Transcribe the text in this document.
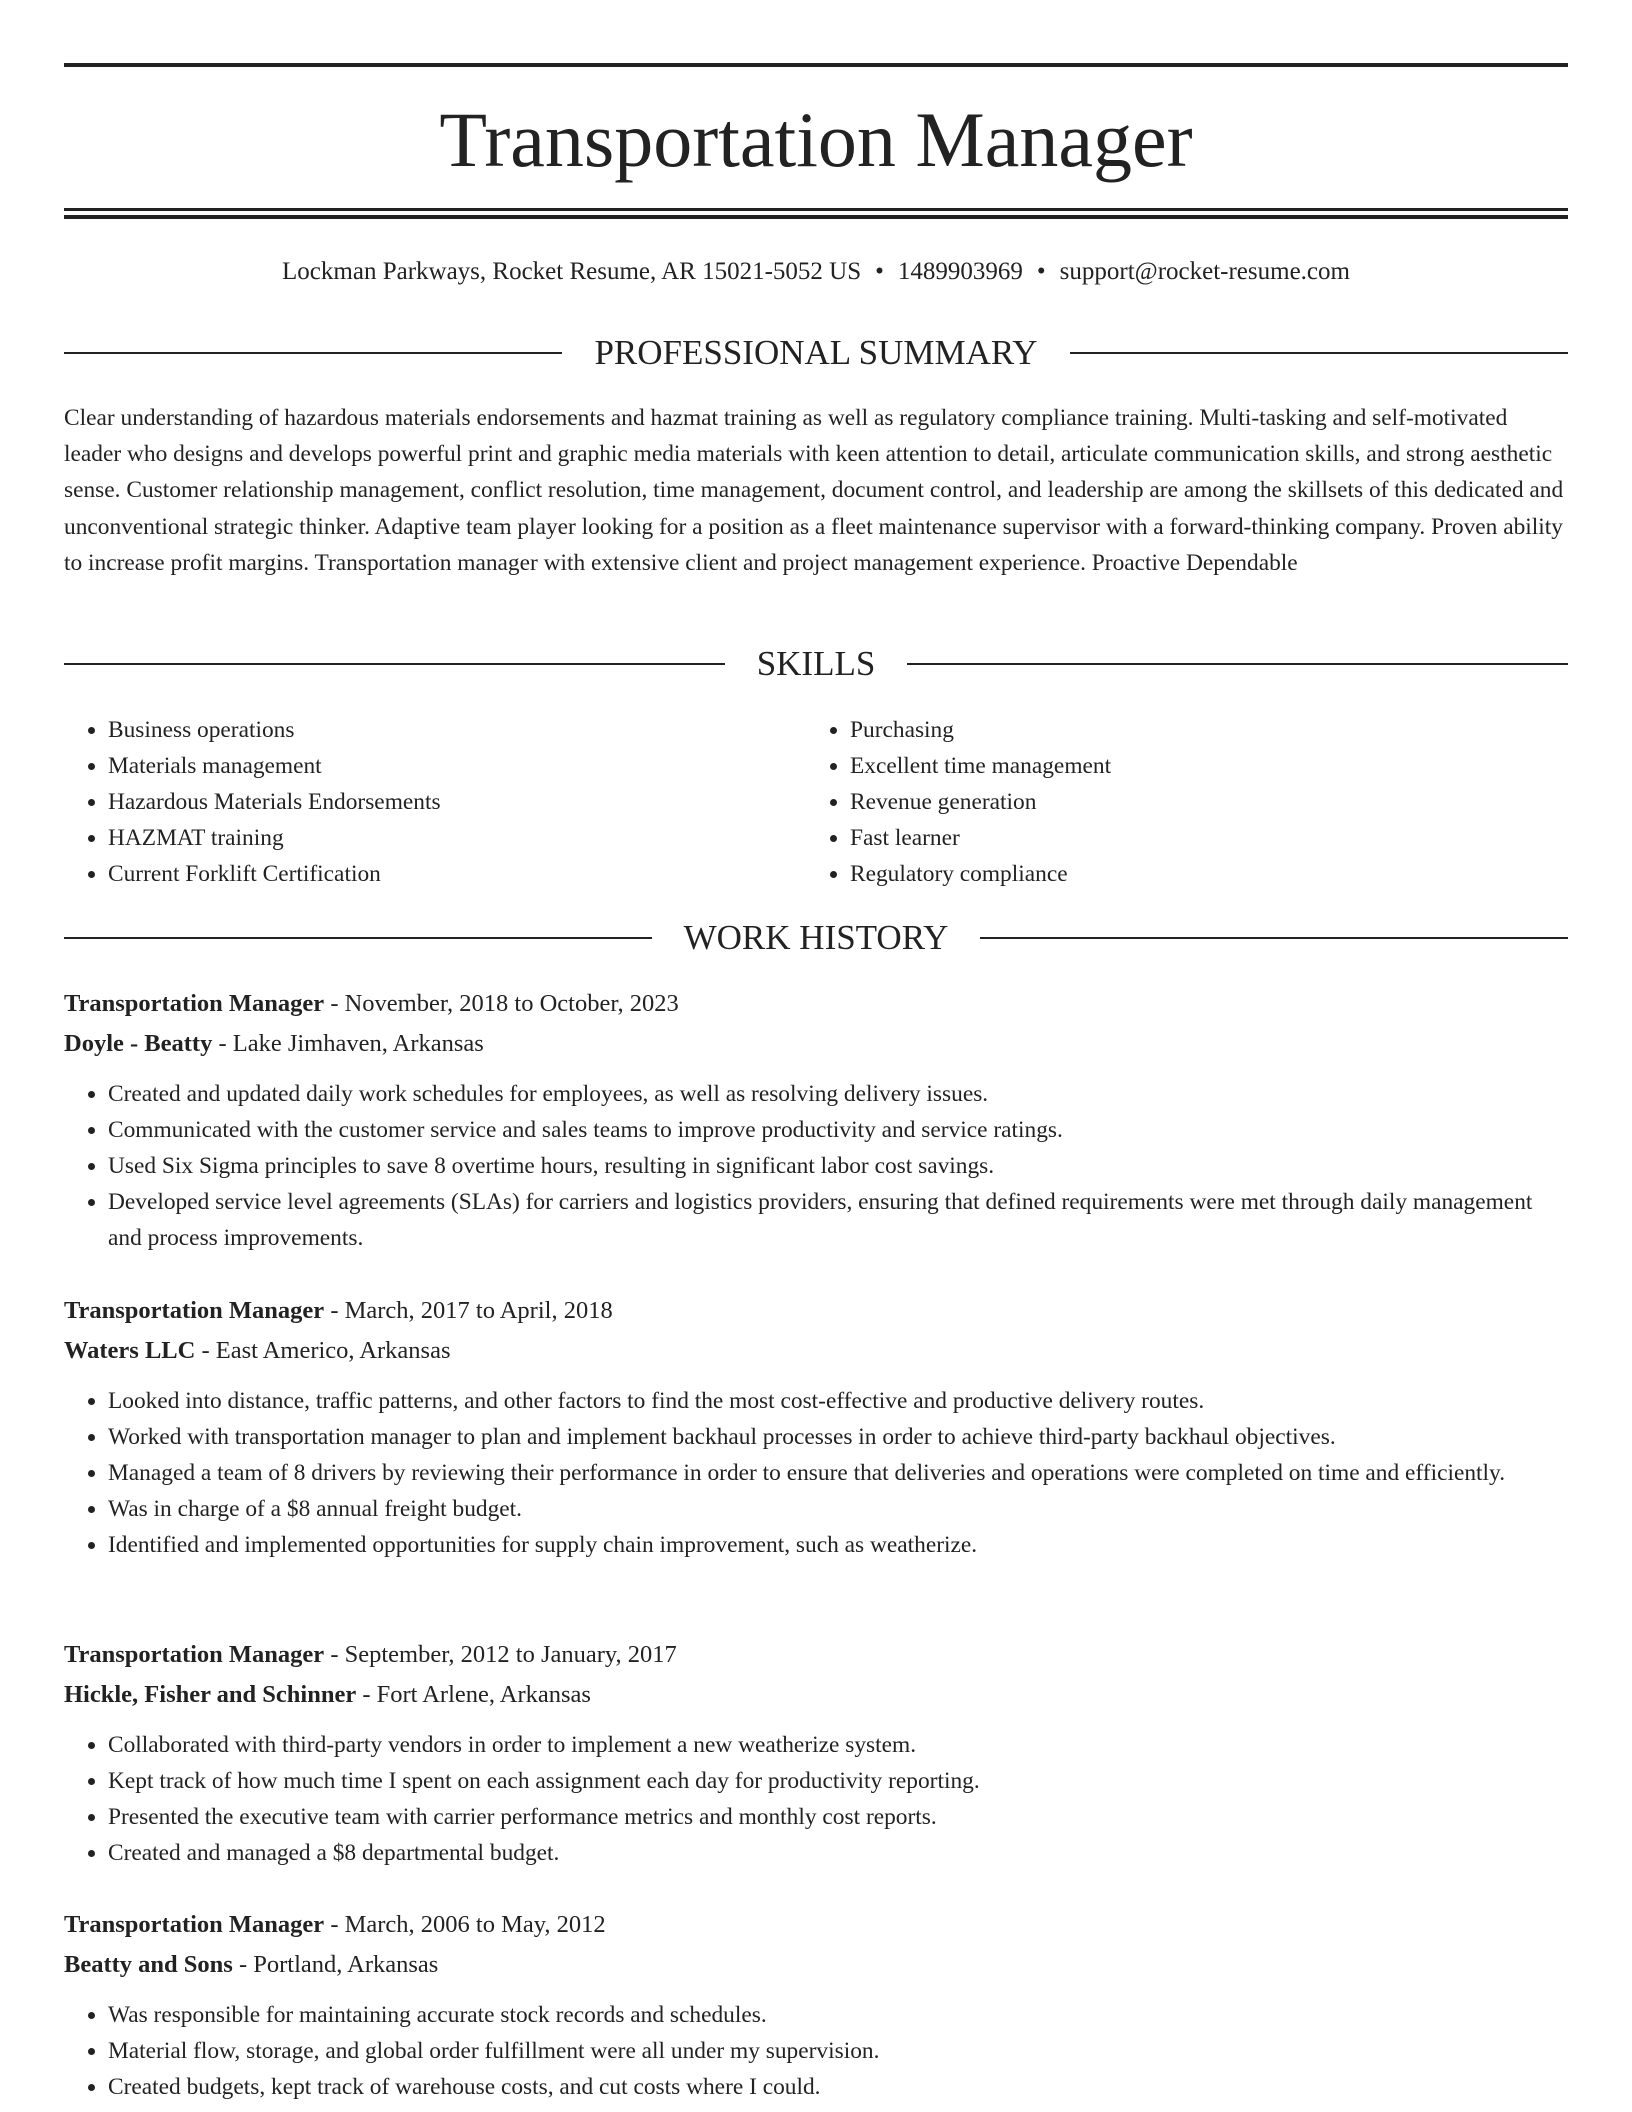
Transportation Manager
Lockman Parkways, Rocket Resume, AR 15021-5052 US • 1489903969 • support@rocket-resume.com
PROFESSIONAL SUMMARY

Clear understanding of hazardous materials endorsements and hazmat training as well as regulatory compliance training. Multi-tasking and self-motivated leader who designs and develops powerful print and graphic media materials with keen attention to detail, articulate communication skills, and strong aesthetic sense. Customer relationship management, conflict resolution, time management, document control, and leadership are among the skillsets of this dedicated and unconventional strategic thinker. Adaptive team player looking for a position as a fleet maintenance supervisor with a forward-thinking company. Proven ability to increase profit margins. Transportation manager with extensive client and project management experience. Proactive Dependable

SKILLS
• Business operations
• Materials management
• Hazardous Materials Endorsements
• HAZMAT training
• Current Forklift Certification
• Purchasing
• Excellent time management
• Revenue generation
• Fast learner
• Regulatory compliance
WORK HISTORY
Transportation Manager - November, 2018 to October, 2023
Doyle - Beatty - Lake Jimhaven, Arkansas
• Created and updated daily work schedules for employees, as well as resolving delivery issues.
• Communicated with the customer service and sales teams to improve productivity and service ratings.
• Used Six Sigma principles to save 8 overtime hours, resulting in significant labor cost savings.
• Developed service level agreements (SLAs) for carriers and logistics providers, ensuring that defined requirements were met through daily management and process improvements.
Transportation Manager - March, 2017 to April, 2018
Waters LLC - East Americo, Arkansas
• Looked into distance, traffic patterns, and other factors to find the most cost-effective and productive delivery routes.
• Worked with transportation manager to plan and implement backhaul processes in order to achieve third-party backhaul objectives.
• Managed a team of 8 drivers by reviewing their performance in order to ensure that deliveries and operations were completed on time and efficiently.
• Was in charge of a $8 annual freight budget.
• Identified and implemented opportunities for supply chain improvement, such as weatherize.
Transportation Manager - September, 2012 to January, 2017
Hickle, Fisher and Schinner - Fort Arlene, Arkansas
• Collaborated with third-party vendors in order to implement a new weatherize system.
• Kept track of how much time I spent on each assignment each day for productivity reporting.
• Presented the executive team with carrier performance metrics and monthly cost reports.
• Created and managed a $8 departmental budget.
Transportation Manager - March, 2006 to May, 2012
Beatty and Sons - Portland, Arkansas
• Was responsible for maintaining accurate stock records and schedules.
• Material flow, storage, and global order fulfillment were all under my supervision.
• Created budgets, kept track of warehouse costs, and cut costs where I could.
